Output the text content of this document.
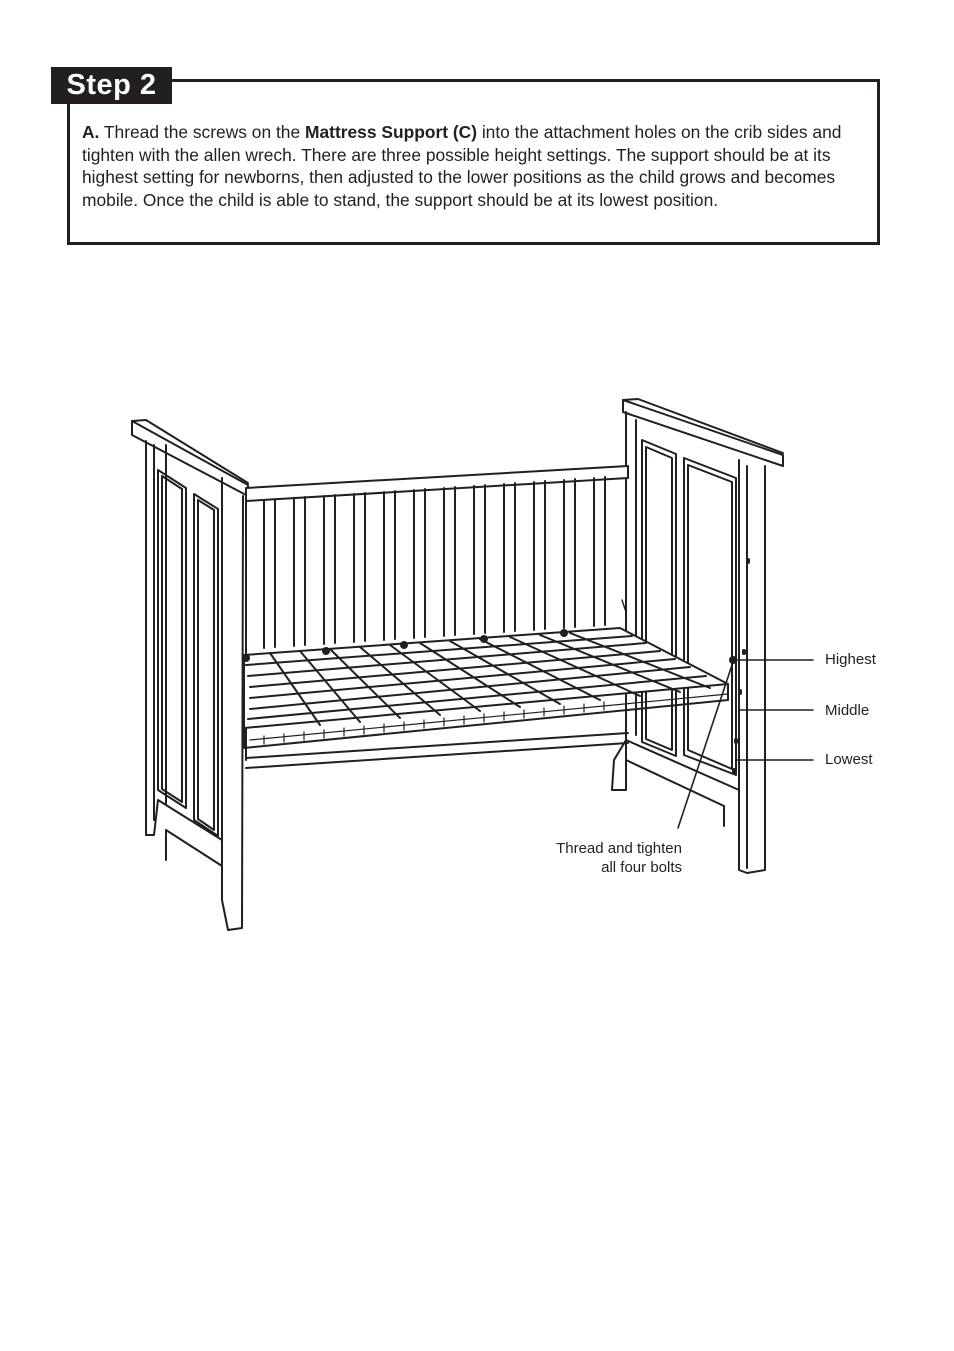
Step 2

A. Thread the screws on the Mattress Support (C) into the attachment holes on the crib sides and tighten with the allen wrech. There are three possible height settings. The support should be at its highest setting for newborns, then adjusted to the lower positions as the child grows and becomes mobile. Once the child is able to stand, the support should be at its lowest position.

Highest

Middle

Lowest

Thread and tighten
all four bolts
